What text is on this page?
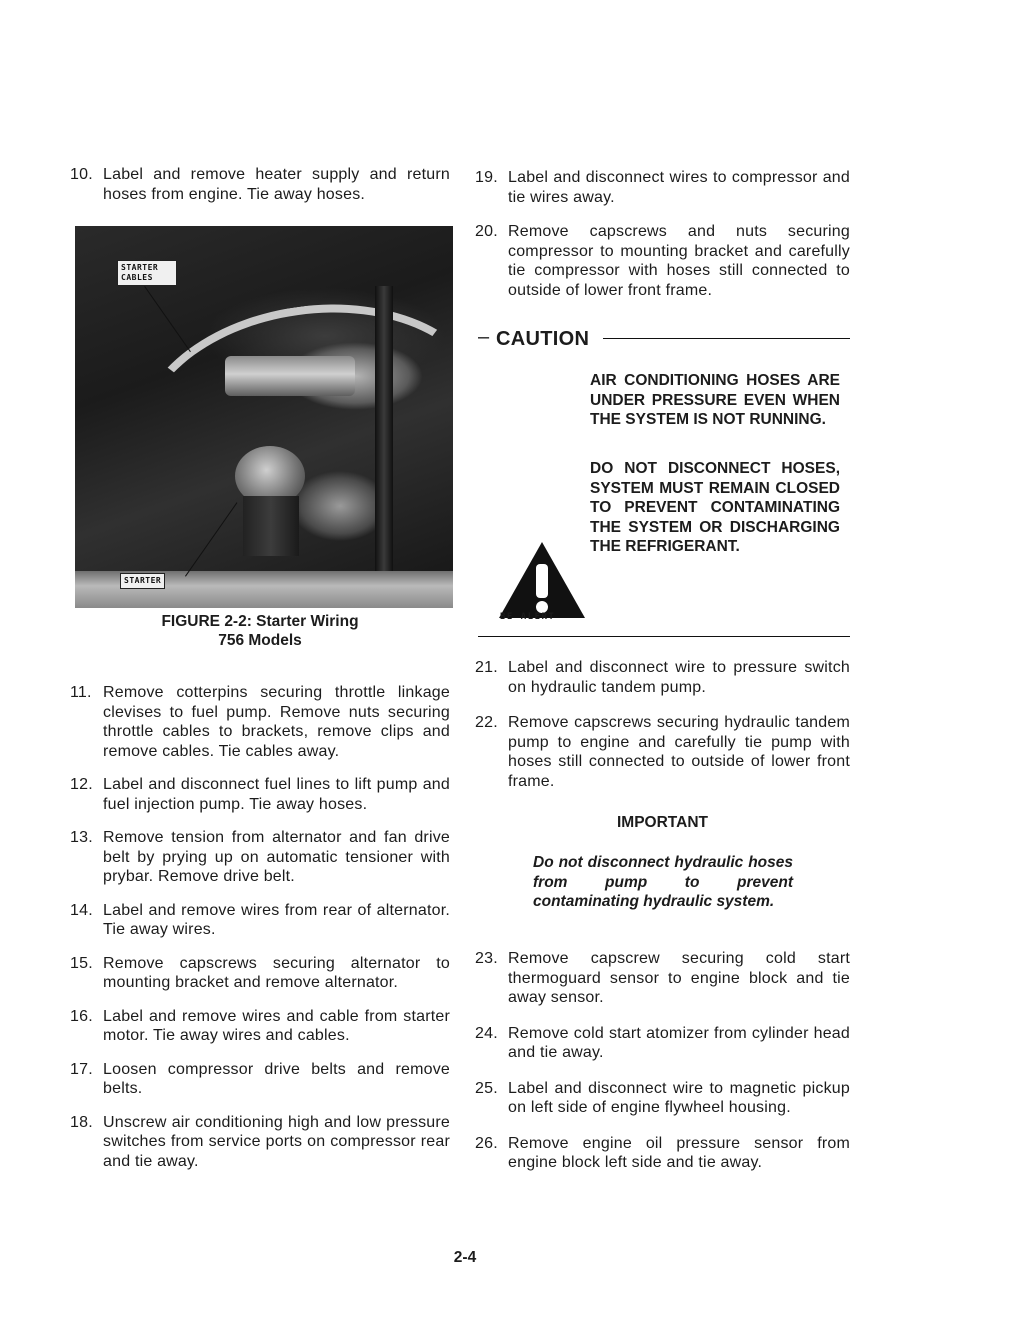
10. Label and remove heater supply and return hoses from engine. Tie away hoses.
STARTER CABLES
STARTER
FIGURE 2-2: Starter Wiring
756 Models
11. Remove cotterpins securing throttle linkage clevises to fuel pump. Remove nuts securing throttle cables to brackets, remove clips and remove cables. Tie cables away.
12. Label and disconnect fuel lines to lift pump and fuel injection pump. Tie away hoses.
13. Remove tension from alternator and fan drive belt by prying up on automatic tensioner with prybar. Remove drive belt.
14. Label and remove wires from rear of alternator. Tie away wires.
15. Remove capscrews securing alternator to mounting bracket and remove alternator.
16. Label and remove wires and cable from starter motor. Tie away wires and cables.
17. Loosen compressor drive belts and remove belts.
18. Unscrew air conditioning high and low pressure switches from service ports on compressor rear and tie away.
19. Label and disconnect wires to compressor and tie wires away.
20. Remove capscrews and nuts securing compressor to mounting bracket and carefully tie compressor with hoses still connected to outside of lower front frame.
– CAUTION
AIR CONDITIONING HOSES ARE UNDER PRESSURE EVEN WHEN THE SYSTEM IS NOT RUNNING.
DO NOT DISCONNECT HOSES, SYSTEM MUST REMAIN CLOSED TO PREVENT CONTAMINATING THE SYSTEM OR DISCHARGING THE REFRIGERANT.
BE ALERT
21. Label and disconnect wire to pressure switch on hydraulic tandem pump.
22. Remove capscrews securing hydraulic tandem pump to engine and carefully tie pump with hoses still connected to outside of lower front frame.
IMPORTANT
Do not disconnect hydraulic hoses from pump to prevent contaminating hydraulic system.
23. Remove capscrew securing cold start thermoguard sensor to engine block and tie away sensor.
24. Remove cold start atomizer from cylinder head and tie away.
25. Label and disconnect wire to magnetic pickup on left side of engine flywheel housing.
26. Remove engine oil pressure sensor from engine block left side and tie away.
2-4
